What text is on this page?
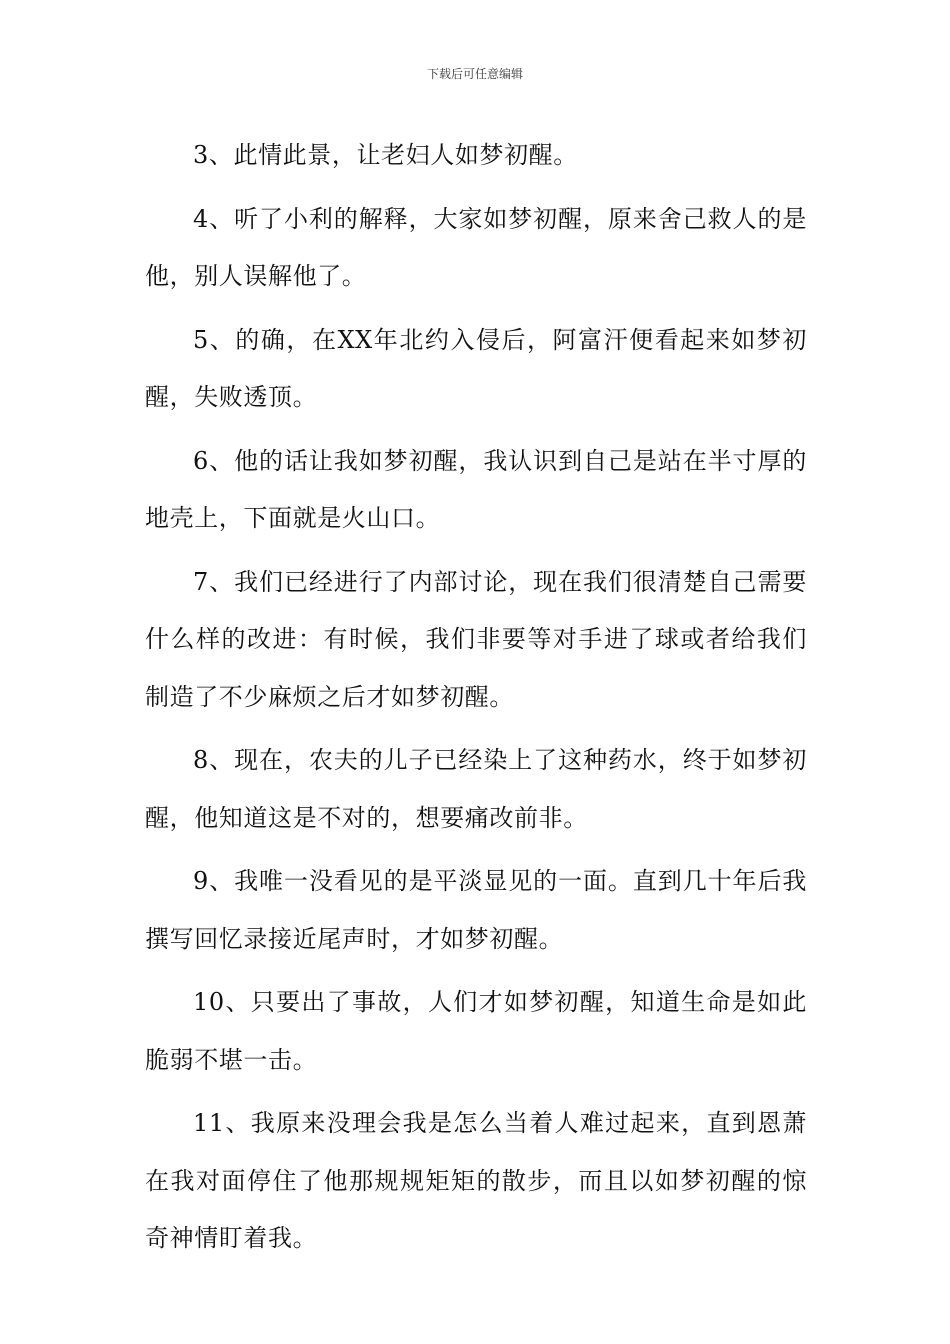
下载后可任意编辑

3、此情此景，让老妇人如梦初醒。

4、听了小利的解释，大家如梦初醒，原来舍己救人的是他，别人误解他了。

5、的确，在XX年北约入侵后，阿富汗便看起来如梦初醒，失败透顶。

6、他的话让我如梦初醒，我认识到自己是站在半寸厚的地壳上，下面就是火山口。

7、我们已经进行了内部讨论，现在我们很清楚自己需要什么样的改进：有时候，我们非要等对手进了球或者给我们制造了不少麻烦之后才如梦初醒。

8、现在，农夫的儿子已经染上了这种药水，终于如梦初醒，他知道这是不对的，想要痛改前非。

9、我唯一没看见的是平淡显见的一面。直到几十年后我撰写回忆录接近尾声时，才如梦初醒。

10、只要出了事故，人们才如梦初醒，知道生命是如此脆弱不堪一击。

11、我原来没理会我是怎么当着人难过起来，直到恩萧在我对面停住了他那规规矩矩的散步，而且以如梦初醒的惊奇神情盯着我。
